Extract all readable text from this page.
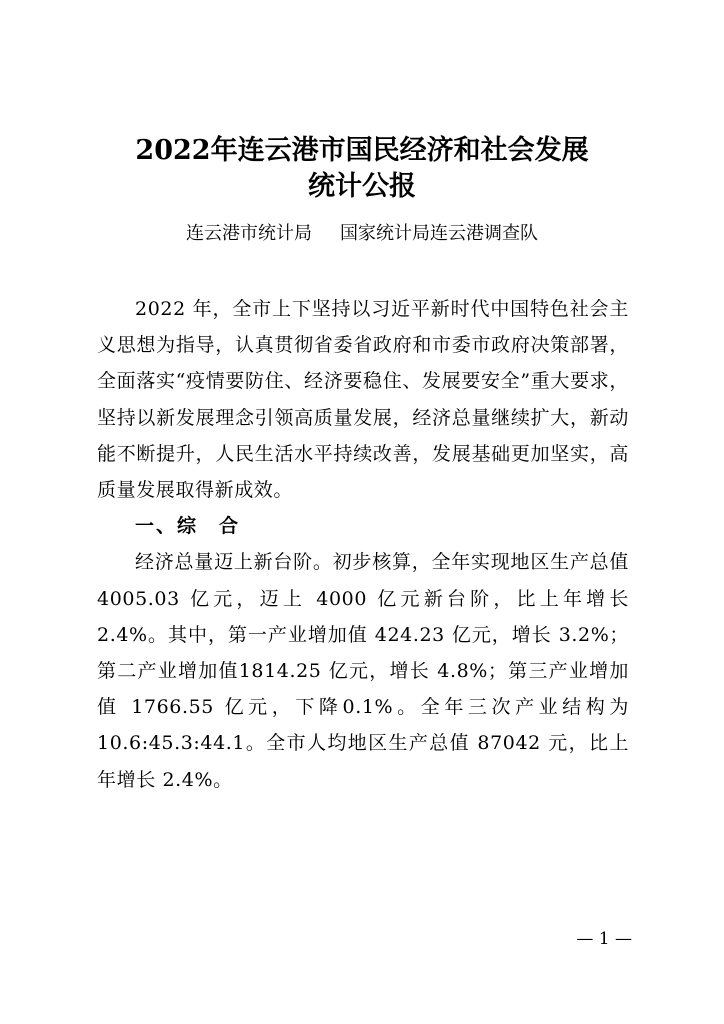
2022年连云港市国民经济和社会发展
统计公报
连云港市统计局 国家统计局连云港调查队

2022 年，全市上下坚持以习近平新时代中国特色社会主义思想为指导，认真贯彻省委省政府和市委市政府决策部署，全面落实“疫情要防住、经济要稳住、发展要安全”重大要求，坚持以新发展理念引领高质量发展，经济总量继续扩大，新动能不断提升，人民生活水平持续改善，发展基础更加坚实，高质量发展取得新成效。

一、综　合

经济总量迈上新台阶。初步核算，全年实现地区生产总值4005.03 亿元，迈上 4000 亿元新台阶，比上年增长 2.4%。其中，第一产业增加值 424.23 亿元，增长 3.2%；第二产业增加值1814.25 亿元，增长 4.8%；第三产业增加值 1766.55 亿元，下降0.1%。全年三次产业结构为 10.6:45.3:44.1。全市人均地区生产总值 87042 元，比上年增长 2.4%。

— 1 —
